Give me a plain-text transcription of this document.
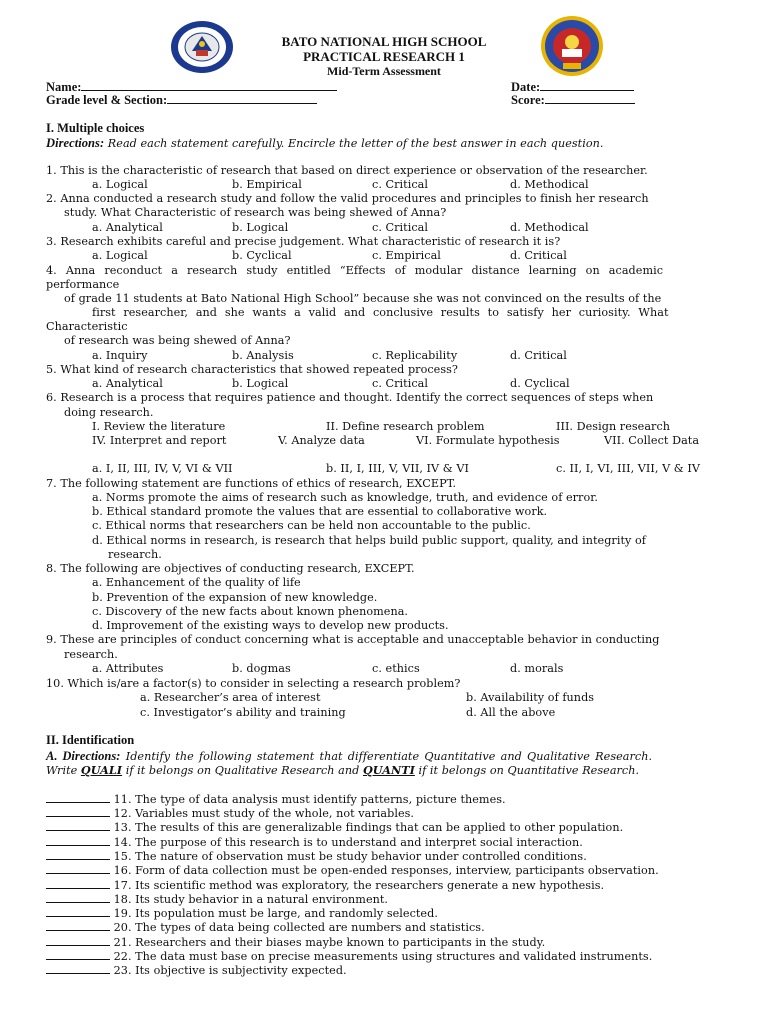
BATO NATIONAL HIGH SCHOOL
PRACTICAL RESEARCH 1
Mid-Term Assessment
Name:	Date:
Grade level & Section:	Score:
I. Multiple choices
Directions: Read each statement carefully. Encircle the letter of the best answer in each question.
1. This is the characteristic of research that based on direct experience or observation of the researcher.
a. Logical	b. Empirical	c. Critical	d. Methodical
2. Anna conducted a research study and follow the valid procedures and principles to finish her research
study. What Characteristic of research was being shewed of Anna?
a. Analytical	b. Logical	c. Critical	d. Methodical
3. Research exhibits careful and precise judgement. What characteristic of research it is?
a. Logical	b. Cyclical	c. Empirical	d. Critical
4. Anna reconduct a research study entitled “Effects of modular distance learning on academic
performance
of grade 11 students at Bato National High School” because she was not convinced on the results of the
first researcher, and she wants a valid and conclusive results to satisfy her curiosity. What
Characteristic
of research was being shewed of Anna?
a. Inquiry	b. Analysis	c. Replicability	d. Critical
5. What kind of research characteristics that showed repeated process?
a. Analytical	b. Logical	c. Critical	d. Cyclical
6. Research is a process that requires patience and thought. Identify the correct sequences of steps when
doing research.
I. Review the literature	II. Define research problem	III. Design research
IV. Interpret and report	V. Analyze data	VI. Formulate hypothesis	VII. Collect Data
a. I, II, III, IV, V, VI & VII	b. II, I, III, V, VII, IV & VI	c. II, I, VI, III, VII, V & IV
7. The following statement are functions of ethics of research, EXCEPT.
a. Norms promote the aims of research such as knowledge, truth, and evidence of error.
b. Ethical standard promote the values that are essential to collaborative work.
c. Ethical norms that researchers can be held non accountable to the public.
d. Ethical norms in research, is research that helps build public support, quality, and integrity of
research.
8. The following are objectives of conducting research, EXCEPT.
a. Enhancement of the quality of life
b. Prevention of the expansion of new knowledge.
c. Discovery of the new facts about known phenomena.
d. Improvement of the existing ways to develop new products.
9. These are principles of conduct concerning what is acceptable and unacceptable behavior in conducting
research.
a. Attributes	b. dogmas	c. ethics	d. morals
10. Which is/are a factor(s) to consider in selecting a research problem?
a. Researcher’s area of interest	b. Availability of funds
c. Investigator’s ability and training	d. All the above
II. Identification
A. Directions: Identify the following statement that differentiate Quantitative and Qualitative Research.
Write QUALI if it belongs on Qualitative Research and QUANTI if it belongs on Quantitative Research.
11. The type of data analysis must identify patterns, picture themes.
12. Variables must study of the whole, not variables.
13. The results of this are generalizable findings that can be applied to other population.
14. The purpose of this research is to understand and interpret social interaction.
15. The nature of observation must be study behavior under controlled conditions.
16. Form of data collection must be open-ended responses, interview, participants observation.
17. Its scientific method was exploratory, the researchers generate a new hypothesis.
18. Its study behavior in a natural environment.
19. Its population must be large, and randomly selected.
20. The types of data being collected are numbers and statistics.
21. Researchers and their biases maybe known to participants in the study.
22. The data must base on precise measurements using structures and validated instruments.
23. Its objective is subjectivity expected.
